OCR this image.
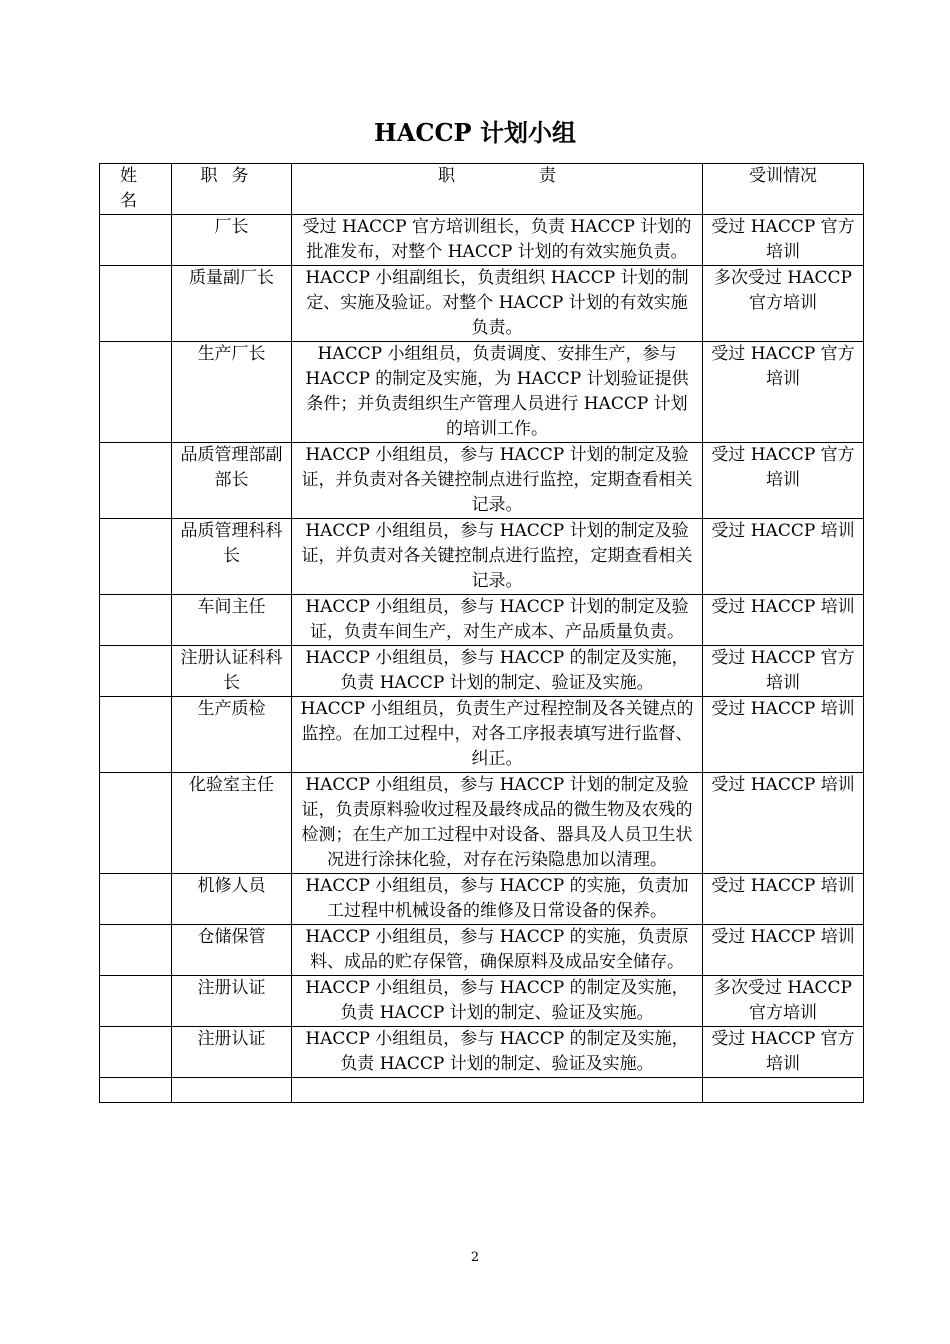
HACCP 计划小组
姓名	职务	职 责	受训情况
	厂长	受过 HACCP 官方培训组长，负责 HACCP 计划的批准发布，对整个 HACCP 计划的有效实施负责。	受过 HACCP 官方培训
	质量副厂长	HACCP 小组副组长，负责组织 HACCP 计划的制定、实施及验证。对整个 HACCP 计划的有效实施负责。	多次受过 HACCP 官方培训
	生产厂长	HACCP 小组组员，负责调度、安排生产，参与 HACCP 的制定及实施，为 HACCP 计划验证提供条件；并负责组织生产管理人员进行 HACCP 计划的培训工作。	受过 HACCP 官方培训
	品质管理部副部长	HACCP 小组组员，参与 HACCP 计划的制定及验证，并负责对各关键控制点进行监控，定期查看相关记录。	受过 HACCP 官方培训
	品质管理科科长	HACCP 小组组员，参与 HACCP 计划的制定及验证，并负责对各关键控制点进行监控，定期查看相关记录。	受过 HACCP 培训
	车间主任	HACCP 小组组员，参与 HACCP 计划的制定及验证，负责车间生产，对生产成本、产品质量负责。	受过 HACCP 培训
	注册认证科科长	HACCP 小组组员，参与 HACCP 的制定及实施，负责 HACCP 计划的制定、验证及实施。	受过 HACCP 官方培训
	生产质检	HACCP 小组组员，负责生产过程控制及各关键点的监控。在加工过程中，对各工序报表填写进行监督、纠正。	受过 HACCP 培训
	化验室主任	HACCP 小组组员，参与 HACCP 计划的制定及验证，负责原料验收过程及最终成品的微生物及农残的检测；在生产加工过程中对设备、器具及人员卫生状况进行涂抹化验，对存在污染隐患加以清理。	受过 HACCP 培训
	机修人员	HACCP 小组组员，参与 HACCP 的实施，负责加工过程中机械设备的维修及日常设备的保养。	受过 HACCP 培训
	仓储保管	HACCP 小组组员，参与 HACCP 的实施，负责原料、成品的贮存保管，确保原料及成品安全储存。	受过 HACCP 培训
	注册认证	HACCP 小组组员，参与 HACCP 的制定及实施，负责 HACCP 计划的制定、验证及实施。	多次受过 HACCP 官方培训
	注册认证	HACCP 小组组员，参与 HACCP 的制定及实施，负责 HACCP 计划的制定、验证及实施。	受过 HACCP 官方培训

2
